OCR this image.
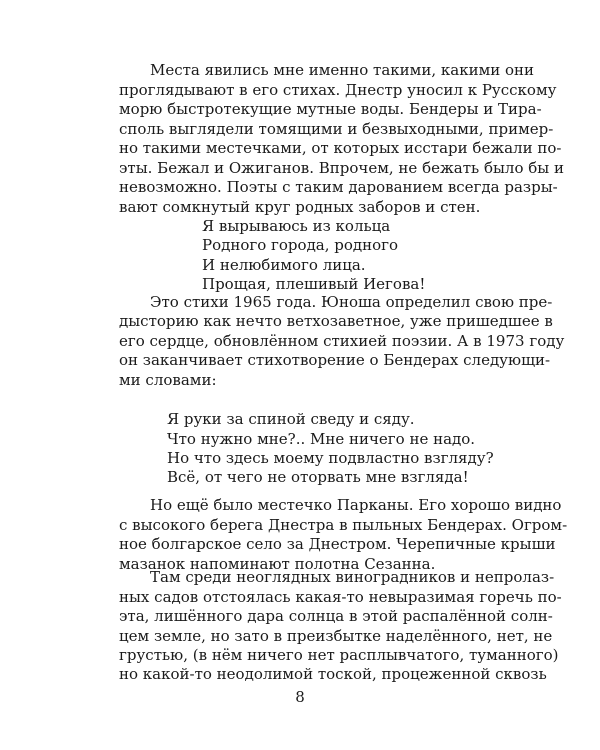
Места явились мне именно такими, какими они
проглядывают в его стихах. Днестр уносил к Русскому
морю быстротекущие мутные воды. Бендеры и Тира-
споль выглядели томящими и безвыходными, пример-
но такими местечками, от которых исстари бежали по-
эты. Бежал и Ожиганов. Впрочем, не бежать было бы и
невозможно. Поэты с таким дарованием всегда разры-
вают сомкнутый круг родных заборов и стен.
Я вырываюсь из кольца
Родного города, родного
И нелюбимого лица.
Прощая, плешивый Иегова!
Это стихи 1965 года. Юноша определил свою пре-
дысторию как нечто ветхозаветное, уже пришедшее в
его сердце, обновлённом стихией поэзии. А в 1973 году
он заканчивает стихотворение о Бендерах следующи-
ми словами:
Я руки за спиной сведу и сяду.
Что нужно мне?.. Мне ничего не надо.
Но что здесь моему подвластно взгляду?
Всё, от чего не оторвать мне взгляда!
Но ещё было местечко Парканы. Его хорошо видно
с высокого берега Днестра в пыльных Бендерах. Огром-
ное болгарское село за Днестром. Черепичные крыши
мазанок напоминают полотна Сезанна.
Там среди неоглядных виноградников и непролаз-
ных садов отстоялась какая-то невыразимая горечь по-
эта, лишённого дара солнца в этой распалённой солн-
цем земле, но зато в преизбытке наделённого, нет, не
грустью, (в нём ничего нет расплывчатого, туманного)
но какой-то неодолимой тоской, процеженной сквозь
8
